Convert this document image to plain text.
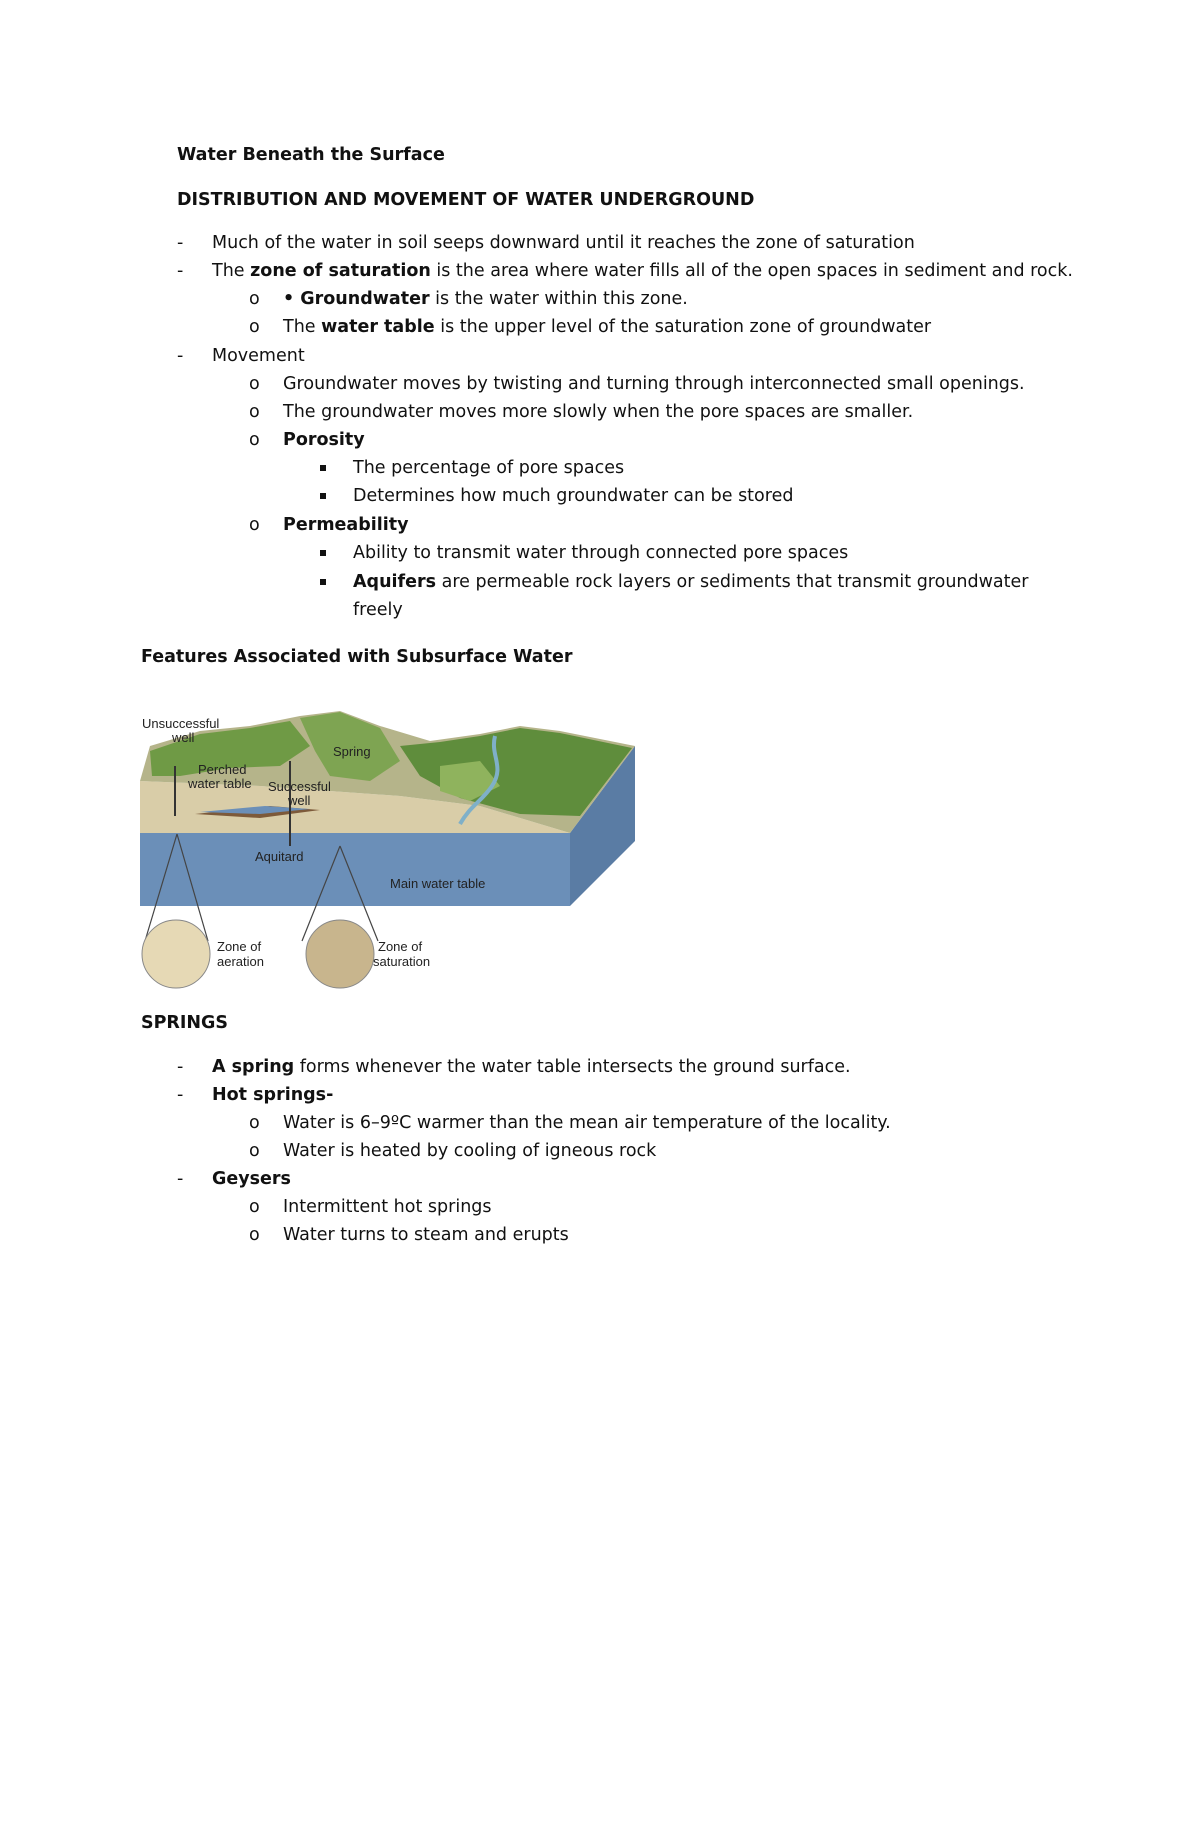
Water Beneath the Surface
DISTRIBUTION AND MOVEMENT OF WATER UNDERGROUND
- Much of the water in soil seeps downward until it reaches the zone of saturation
- The zone of saturation is the area where water fills all of the open spaces in sediment and rock.
o • Groundwater is the water within this zone.
o The water table is the upper level of the saturation zone of groundwater
- Movement
o Groundwater moves by twisting and turning through interconnected small openings.
o The groundwater moves more slowly when the pore spaces are smaller.
o Porosity
The percentage of pore spaces
Determines how much groundwater can be stored
o Permeability
Ability to transmit water through connected pore spaces
Aquifers are permeable rock layers or sediments that transmit groundwater
freely
Features Associated with Subsurface Water
Unsuccessful
well
Spring
Perched
water table Successful
well
Aquitard
Main water table
Zone of
aeration
Zone of
saturation
SPRINGS
- A spring forms whenever the water table intersects the ground surface.
- Hot springs-
o Water is 6–9ºC warmer than the mean air temperature of the locality.
o Water is heated by cooling of igneous rock
- Geysers
o Intermittent hot springs
o Water turns to steam and erupts
